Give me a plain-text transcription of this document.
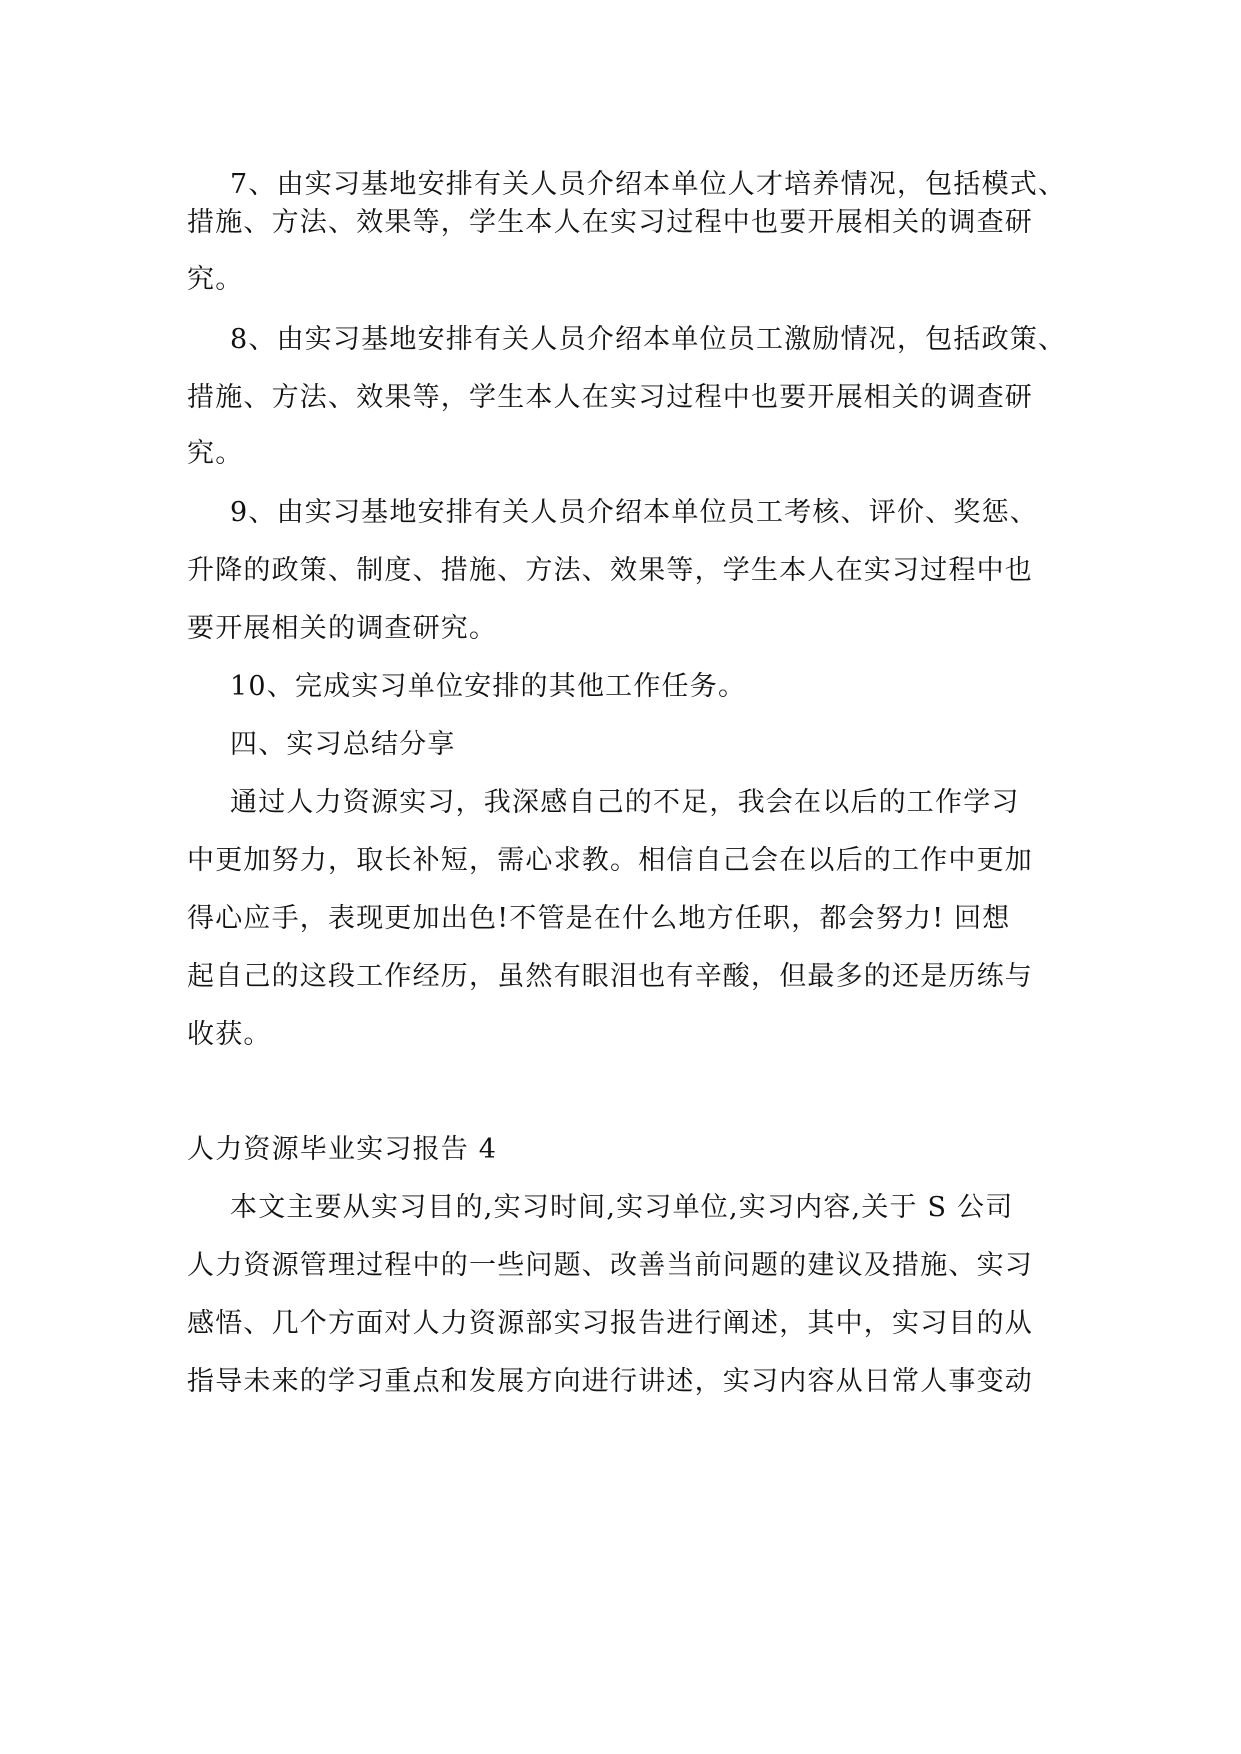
7、由实习基地安排有关人员介绍本单位人才培养情况，包括模式、
措施、方法、效果等，学生本人在实习过程中也要开展相关的调查研
究。
8、由实习基地安排有关人员介绍本单位员工激励情况，包括政策、
措施、方法、效果等，学生本人在实习过程中也要开展相关的调查研
究。
9、由实习基地安排有关人员介绍本单位员工考核、评价、奖惩、
升降的政策、制度、措施、方法、效果等，学生本人在实习过程中也
要开展相关的调查研究。
10、完成实习单位安排的其他工作任务。
四、实习总结分享
通过人力资源实习，我深感自己的不足，我会在以后的工作学习
中更加努力，取长补短，需心求教。相信自己会在以后的工作中更加
得心应手，表现更加出色!不管是在什么地方任职，都会努力! 回想
起自己的这段工作经历，虽然有眼泪也有辛酸，但最多的还是历练与
收获。
人力资源毕业实习报告 4
本文主要从实习目的,实习时间,实习单位,实习内容,关于 S 公司
人力资源管理过程中的一些问题、改善当前问题的建议及措施、实习
感悟、几个方面对人力资源部实习报告进行阐述，其中，实习目的从
指导未来的学习重点和发展方向进行讲述，实习内容从日常人事变动
